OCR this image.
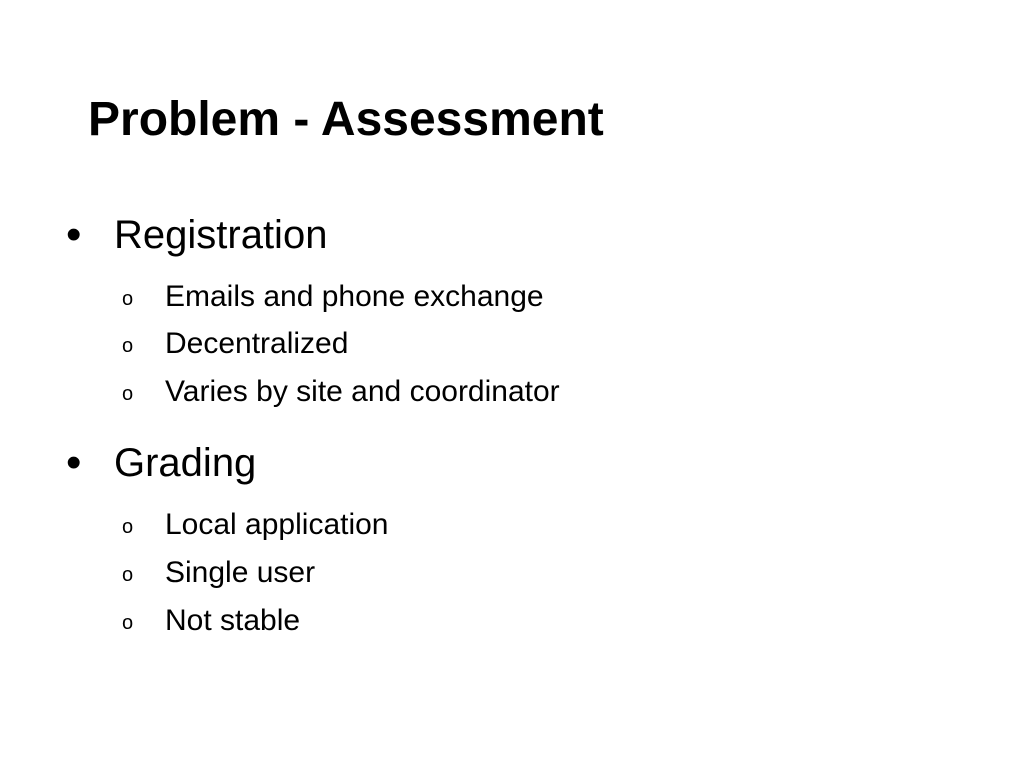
Problem - Assessment
• Registration
o Emails and phone exchange
o Decentralized
o Varies by site and coordinator
• Grading
o Local application
o Single user
o Not stable
